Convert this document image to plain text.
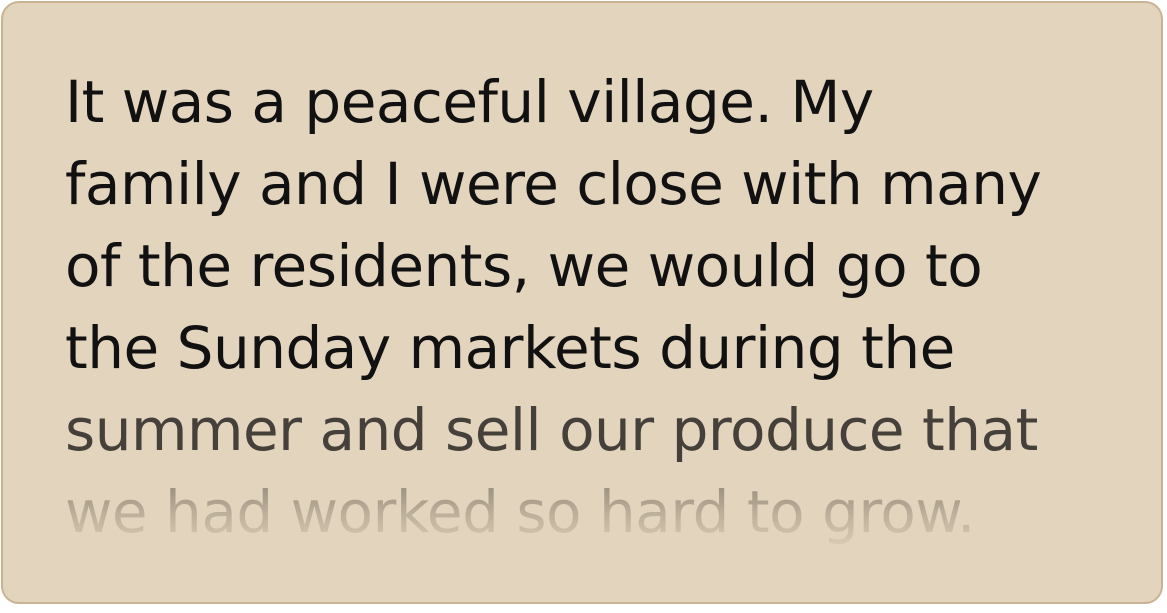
It was a peaceful village. My
family and I were close with many
of the residents, we would go to
the Sunday markets during the
summer and sell our produce that
we had worked so hard to grow.
